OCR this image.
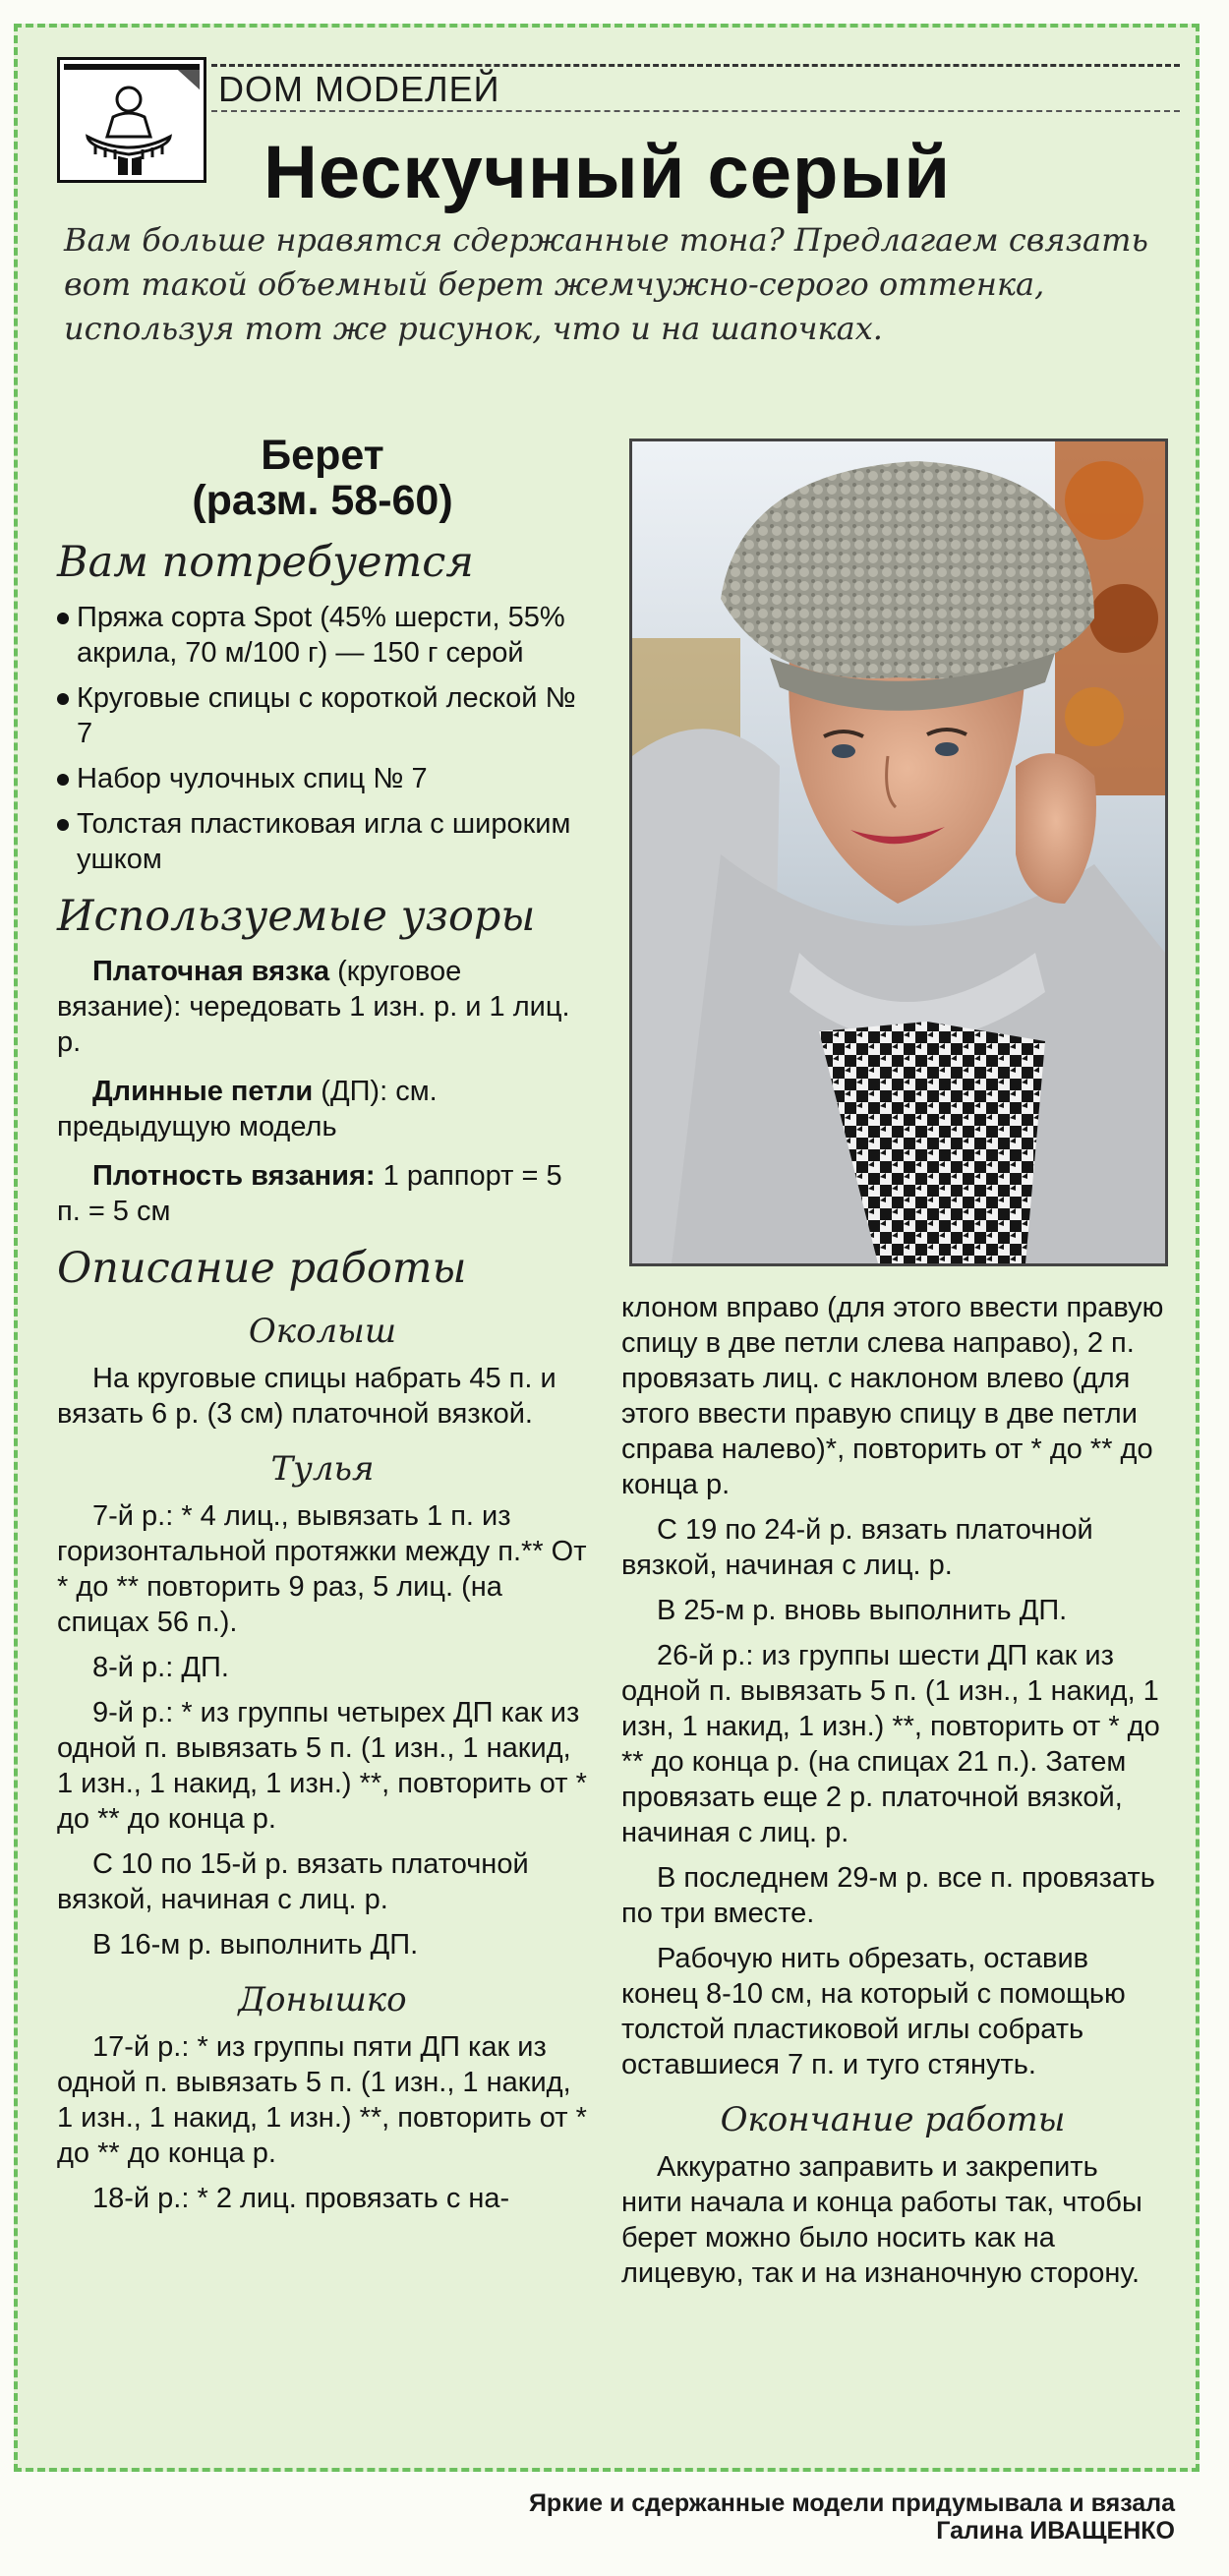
DOM MODEЛЕЙ
Нескучный серый
Вам больше нравятся сдержанные тона? Предлагаем связать вот такой объемный берет жемчужно-серого оттенка, используя тот же рисунок, что и на шапочках.

Берет

(разм. 58-60)

Вам потребуется
Пряжа сорта Spot (45% шерсти, 55% акрила, 70 м/100 г) — 150 г серой
Круговые спицы с короткой леской № 7
Набор чулочных спиц № 7
Толстая пластиковая игла с широким ушком
Используемые узоры

Платочная вязка (круговое вязание): чередовать 1 изн. р. и 1 лиц. р.

Длинные петли (ДП): см. предыдущую модель

Плотность вязания: 1 раппорт = 5 п. = 5 см

Описание работы
Околыш

На круговые спицы набрать 45 п. и вязать 6 р. (3 см) платочной вязкой.

Тулья

7-й р.: * 4 лиц., вывязать 1 п. из горизонтальной протяжки между п.** От * до ** повторить 9 раз, 5 лиц. (на спицах 56 п.).

8-й р.: ДП.

9-й р.: * из группы четырех ДП как из одной п. вывязать 5 п. (1 изн., 1 накид, 1 изн., 1 накид, 1 изн.) **, повторить от * до ** до конца р.

С 10 по 15-й р. вязать платочной вязкой, начиная с лиц. р.

В 16-м р. выполнить ДП.

Донышко

17-й р.: * из группы пяти ДП как из одной п. вывязать 5 п. (1 изн., 1 накид, 1 изн., 1 накид, 1 изн.) **, повторить от * до ** до конца р.

18-й р.: * 2 лиц. провязать с на-

клоном вправо (для этого ввести правую спицу в две петли слева направо), 2 п. провязать лиц. с наклоном влево (для этого ввести правую спицу в две петли справа налево)*, повторить от * до ** до конца р.

С 19 по 24-й р. вязать платочной вязкой, начиная с лиц. р.

В 25-м р. вновь выполнить ДП.

26-й р.: из группы шести ДП как из одной п. вывязать 5 п. (1 изн., 1 накид, 1 изн, 1 накид, 1 изн.) **, повторить от * до ** до конца р. (на спицах 21 п.). Затем провязать еще 2 р. платочной вязкой, начиная с лиц. р.

В последнем 29-м р. все п. провязать по три вместе.

Рабочую нить обрезать, оставив конец 8-10 см, на который с помощью толстой пластиковой иглы собрать оставшиеся 7 п. и туго стянуть.

Окончание работы

Аккуратно заправить и закрепить нити начала и конца работы так, чтобы берет можно было носить как на лицевую, так и на изнаночную сторону.

Яркие и сдержанные модели придумывала и вязала
Галина ИВАЩЕНКО
